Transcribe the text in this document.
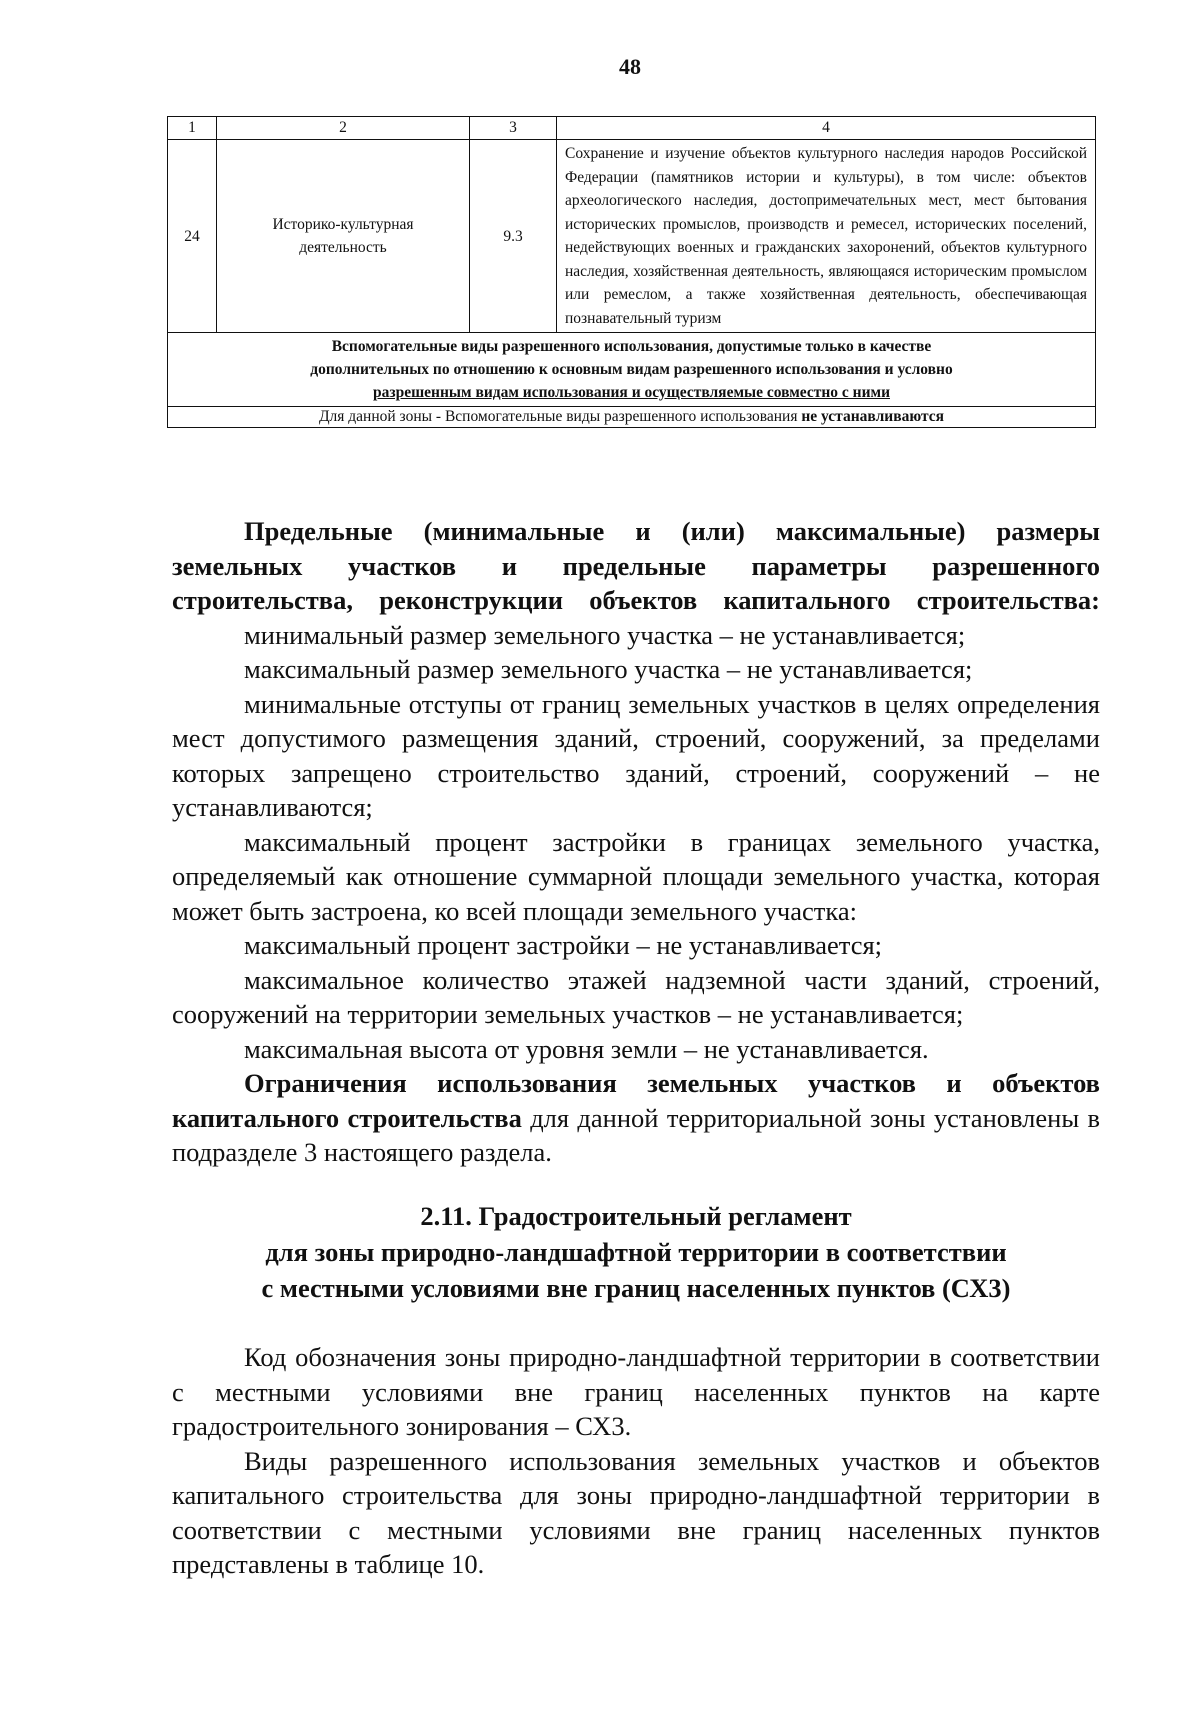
48
1	2	3	4
24	Историко-культурная деятельность	9.3	Сохранение и изучение объектов культурного наследия народов Российской Федерации (памятников истории и культуры), в том числе: объектов археологического наследия, достопримечательных мест, мест бытования исторических промыслов, производств и ремесел, исторических поселений, недействующих военных и гражданских захоронений, объектов культурного наследия, хозяйственная деятельность, являющаяся историческим промыслом или ремеслом, а также хозяйственная деятельность, обеспечивающая познавательный туризм

Вспомогательные виды разрешенного использования, допустимые только в качестве
дополнительных по отношению к основным видам разрешенного использования и условно
разрешенным видам использования и осуществляемые совместно с ними			

Для данной зоны - Вспомогательные виды разрешенного использования не устанавливаются			

Предельные (минимальные и (или) максимальные) размеры

земельных участков и предельные параметры разрешенного

строительства, реконструкции объектов капитального строительства:

минимальный размер земельного участка – не устанавливается;

максимальный размер земельного участка – не устанавливается;

минимальные отступы от границ земельных участков в целях определения мест допустимого размещения зданий, строений, сооружений, за пределами которых запрещено строительство зданий, строений, сооружений – не устанавливаются;

максимальный процент застройки в границах земельного участка, определяемый как отношение суммарной площади земельного участка, которая может быть застроена, ко всей площади земельного участка:

максимальный процент застройки – не устанавливается;

максимальное количество этажей надземной части зданий, строений, сооружений на территории земельных участков – не устанавливается;

максимальная высота от уровня земли – не устанавливается.

Ограничения использования земельных участков и объектов капитального строительства для данной территориальной зоны установлены в подразделе 3 настоящего раздела.

2.11. Градостроительный регламент
для зоны природно-ландшафтной территории в соответствии
с местными условиями вне границ населенных пунктов (СХ3)

Код обозначения зоны природно-ландшафтной территории в соответствии с местными условиями вне границ населенных пунктов на карте градостроительного зонирования – СХ3.

Виды разрешенного использования земельных участков и объектов капитального строительства для зоны природно-ландшафтной территории в соответствии с местными условиями вне границ населенных пунктов представлены в таблице 10.
